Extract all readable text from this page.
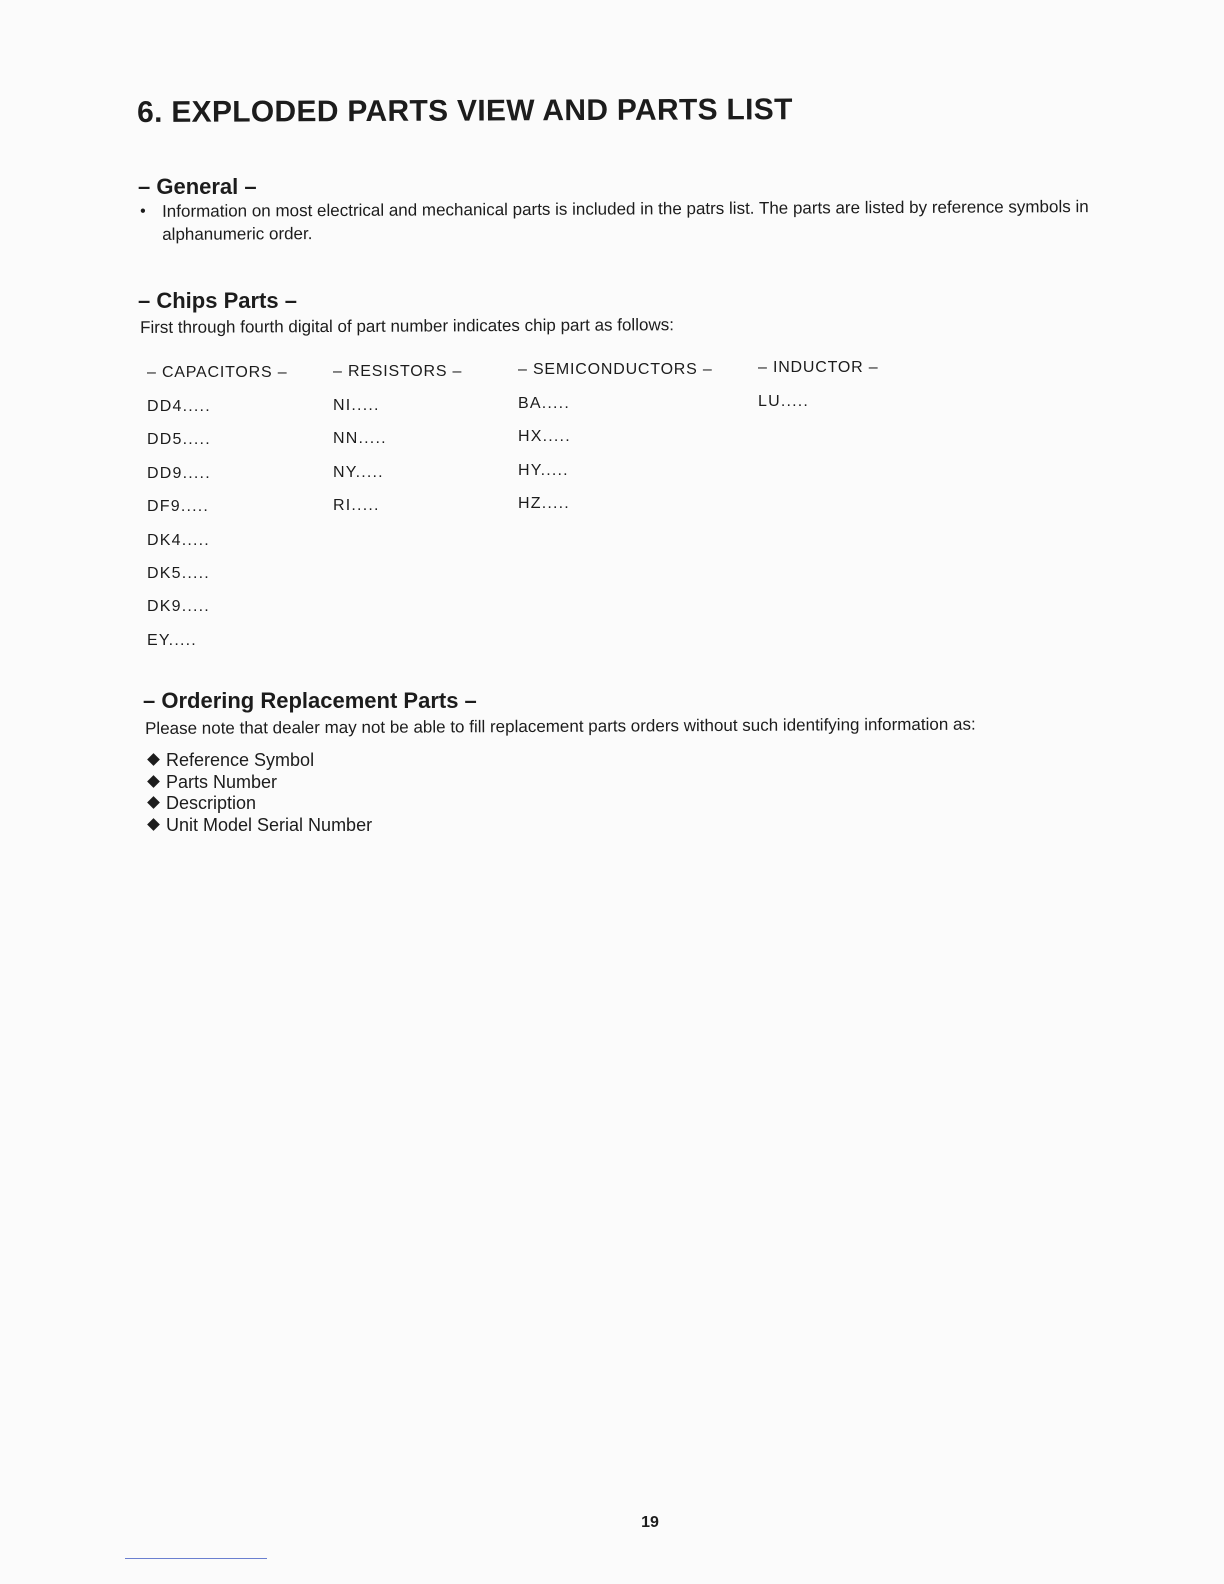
6. EXPLODED PARTS VIEW AND PARTS LIST
– General –
• Information on most electrical and mechanical parts is included in the patrs list. The parts are listed by reference symbols in alphanumeric order.
– Chips Parts –
First through fourth digital of part number indicates chip part as follows:
– CAPACITORS –
DD4.....
DD5.....
DD9.....
DF9.....
DK4.....
DK5.....
DK9.....
EY.....
– RESISTORS –
NI.....
NN.....
NY.....
RI.....
– SEMICONDUCTORS –
BA.....
HX.....
HY.....
HZ.....
– INDUCTOR –
LU.....
– Ordering Replacement Parts –
Please note that dealer may not be able to fill replacement parts orders without such identifying information as:
Reference Symbol
Parts Number
Description
Unit Model Serial Number
19
